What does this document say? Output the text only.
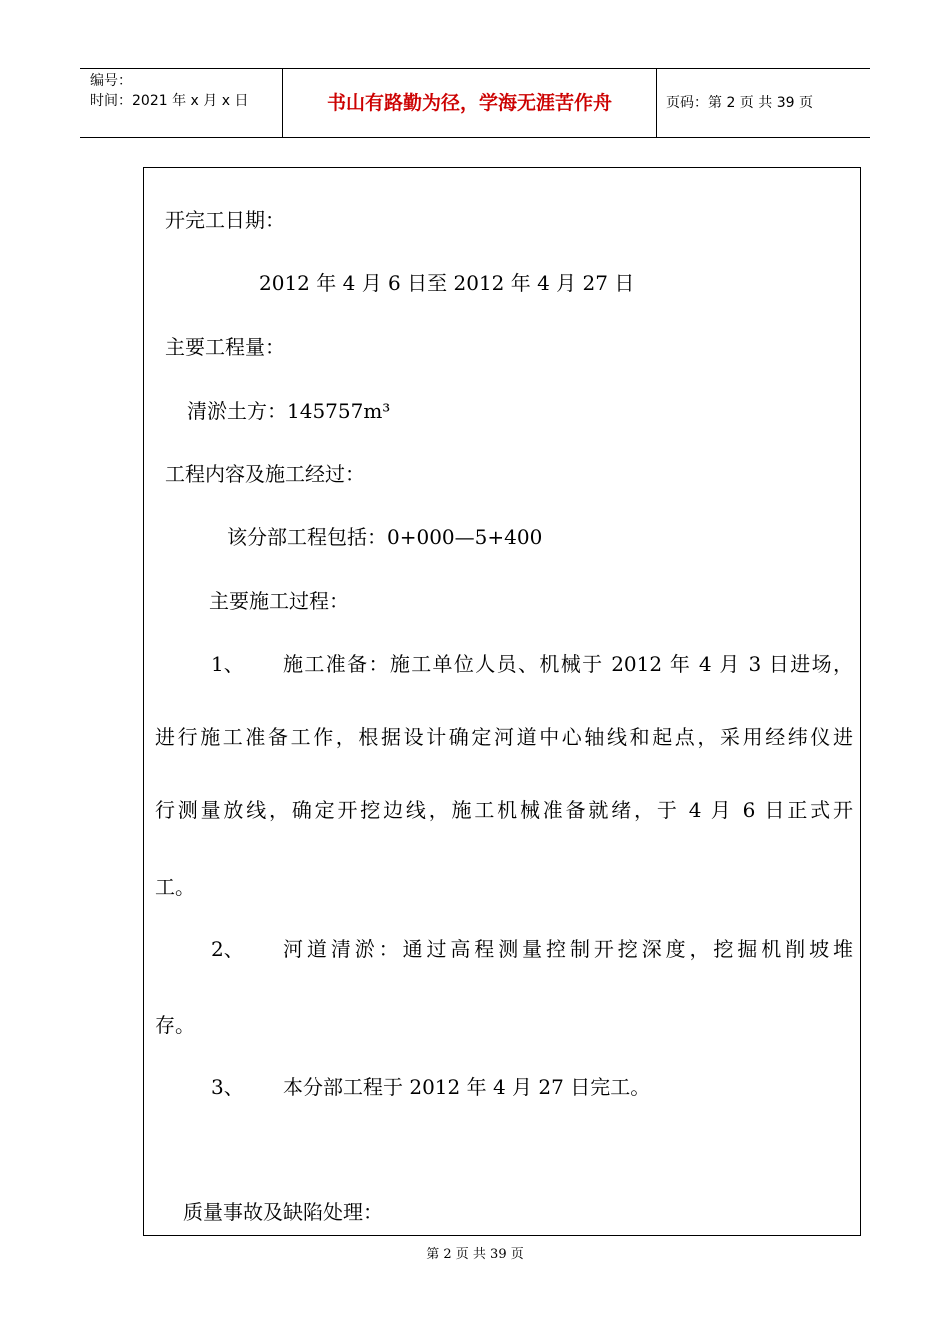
编号：
时间：2021 年 x 月 x 日	书山有路勤为径，学海无涯苦作舟	页码：第 2 页 共 39 页
开完工日期：
2012 年 4 月 6 日至 2012 年 4 月 27 日
主要工程量：
清淤土方：145757m³
工程内容及施工经过：
该分部工程包括：0+000—5+400
主要施工过程：
1、 施工准备：施工单位人员、机械于 2012 年 4 月 3 日进场，
进行施工准备工作，根据设计确定河道中心轴线和起点，采用经纬仪进
行测量放线，确定开挖边线，施工机械准备就绪，于 4 月 6 日正式开
工。
2、 河道清淤：通过高程测量控制开挖深度，挖掘机削坡堆
存。
3、 本分部工程于 2012 年 4 月 27 日完工。
质量事故及缺陷处理：
第 2 页 共 39 页
